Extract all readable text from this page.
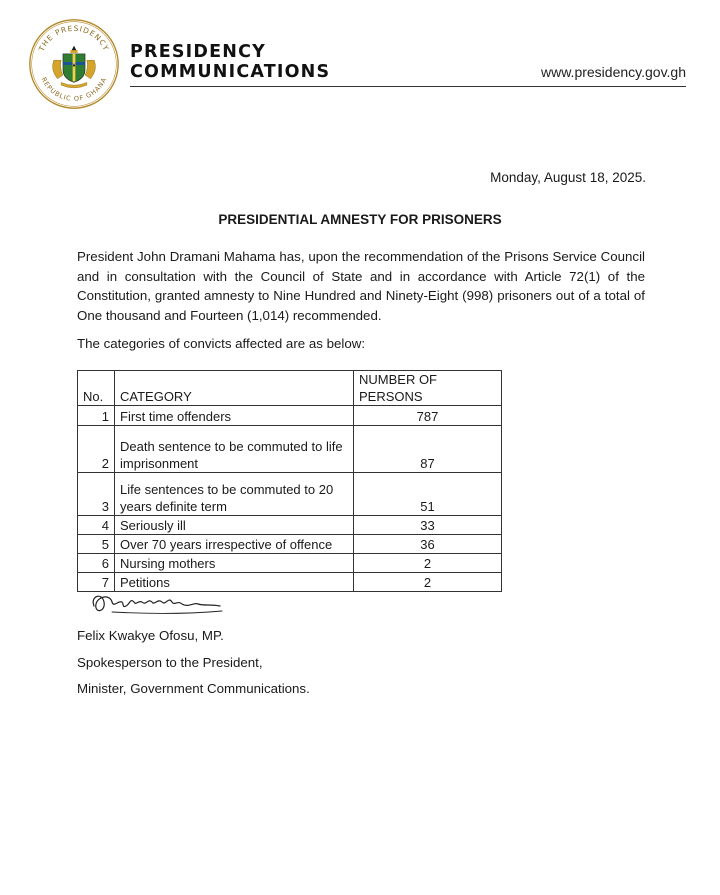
THE PRESIDENCY
REPUBLIC OF GHANA
PRESIDENCY
COMMUNICATIONS	www.presidency.gov.gh
Monday, August 18, 2025.
PRESIDENTIAL AMNESTY FOR PRISONERS
President John Dramani Mahama has, upon the recommendation of the Prisons Service Council and in consultation with the Council of State and in accordance with Article 72(1) of the Constitution, granted amnesty to Nine Hundred and Ninety-Eight (998) prisoners out of a total of One thousand and Fourteen (1,014) recommended.
The categories of convicts affected are as below:
No.	CATEGORY	NUMBER OF PERSONS
1	First time offenders	787
2	Death sentence to be commuted to life imprisonment	87
3	Life sentences to be commuted to 20 years definite term	51
4	Seriously ill	33
5	Over 70 years irrespective of offence	36
6	Nursing mothers	2
7	Petitions	2
Felix Kwakye Ofosu, MP.
Spokesperson to the President,
Minister, Government Communications.
